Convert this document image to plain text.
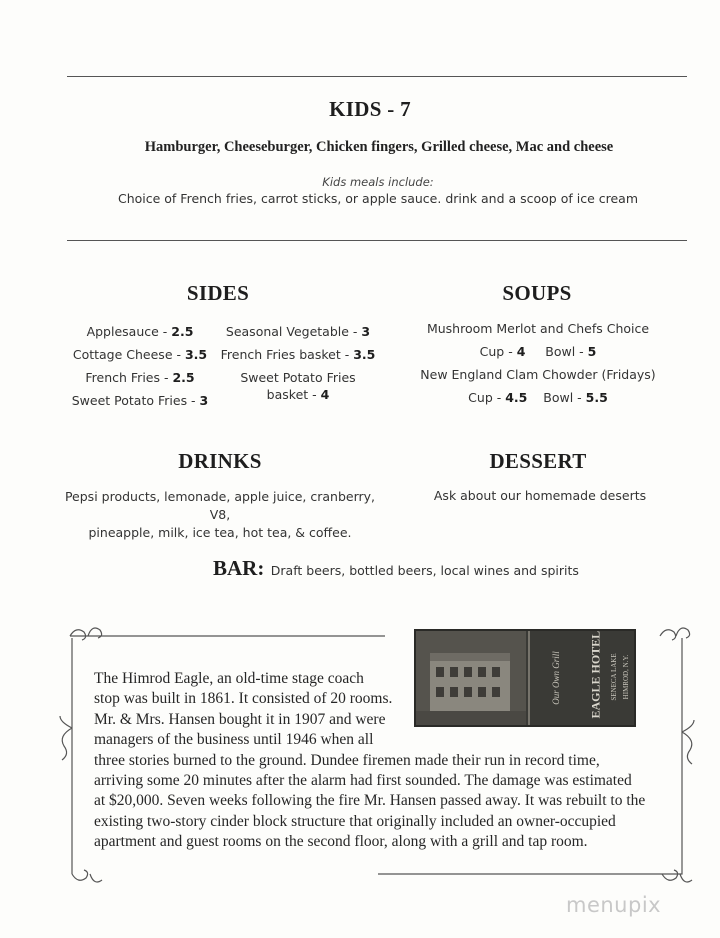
KIDS - 7
Hamburger, Cheeseburger, Chicken fingers, Grilled cheese, Mac and cheese
Kids meals include:
Choice of French fries, carrot sticks, or apple sauce. drink and a scoop of ice cream
SIDES
Applesauce - 2.5
Cottage Cheese - 3.5
French Fries - 2.5
Sweet Potato Fries - 3
Seasonal Vegetable - 3
French Fries basket - 3.5
Sweet Potato Fries
basket - 4
SOUPS
Mushroom Merlot and Chefs Choice
Cup - 4 Bowl - 5
New England Clam Chowder (Fridays)
Cup - 4.5 Bowl - 5.5
DRINKS
Pepsi products, lemonade, apple juice, cranberry, V8,
pineapple, milk, ice tea, hot tea, & coffee.
DESSERT
Ask about our homemade deserts
BAR: Draft beers, bottled beers, local wines and spirits
EAGLE HOTEL
Our Own Grill	SENECA LAKE HIMROD, N.Y.
The Himrod Eagle, an old-time stage coach
stop was built in 1861. It consisted of 20 rooms.
Mr. & Mrs. Hansen bought it in 1907 and were
managers of the business until 1946 when all
three stories burned to the ground. Dundee firemen made their run in record time,
arriving some 20 minutes after the alarm had first sounded. The damage was estimated
at $20,000. Seven weeks following the fire Mr. Hansen passed away. It was rebuilt to the
existing two-story cinder block structure that originally included an owner-occupied
apartment and guest rooms on the second floor, along with a grill and tap room.
menupix
